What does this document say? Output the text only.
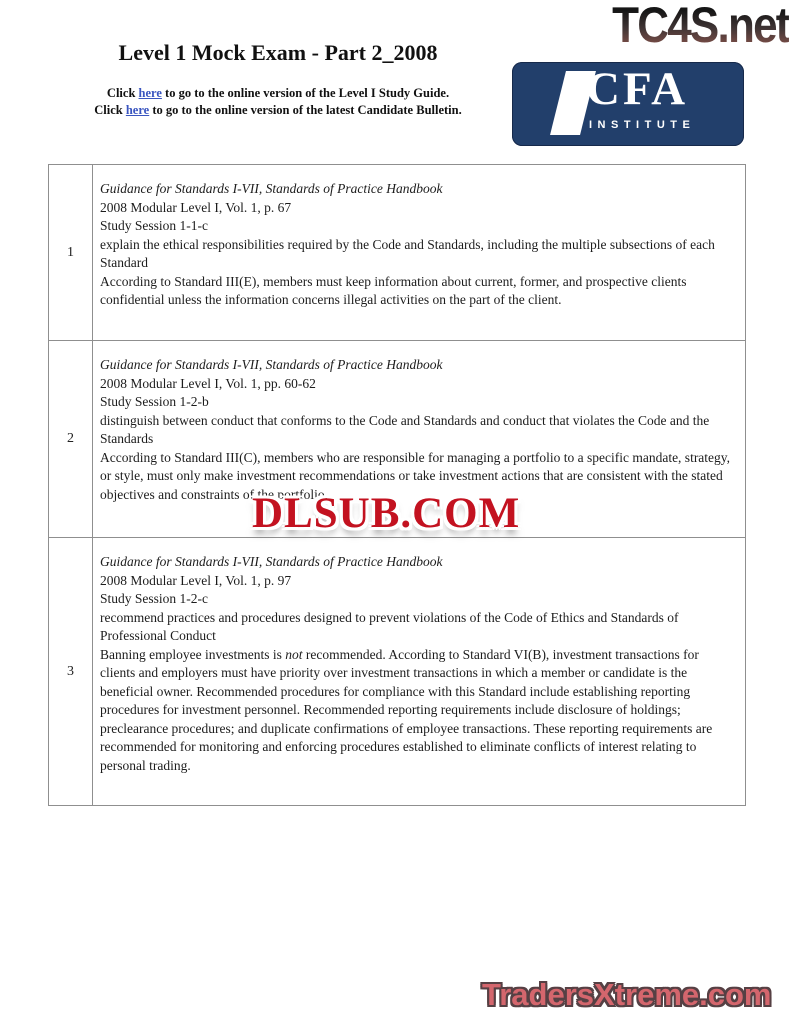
TC4S.net
Level 1 Mock Exam - Part 2_2008
Click here to go to the online version of the Level I Study Guide.
Click here to go to the online version of the latest Candidate Bulletin.	CFA
INSTITUTE
1
Guidance for Standards I-VII, Standards of Practice Handbook
2008 Modular Level I, Vol. 1, p. 67
Study Session 1-1-c
explain the ethical responsibilities required by the Code and Standards, including the multiple subsections of each Standard
According to Standard III(E), members must keep information about current, former, and prospective clients confidential unless the information concerns illegal activities on the part of the client.
2
Guidance for Standards I-VII, Standards of Practice Handbook
2008 Modular Level I, Vol. 1, pp. 60-62
Study Session 1-2-b
distinguish between conduct that conforms to the Code and Standards and conduct that violates the Code and the Standards
According to Standard III(C), members who are responsible for managing a portfolio to a specific mandate, strategy, or style, must only make investment recommendations or take investment actions that are consistent with the stated objectives and constraints of the portfolio.
3
Guidance for Standards I-VII, Standards of Practice Handbook
2008 Modular Level I, Vol. 1, p. 97
Study Session 1-2-c
recommend practices and procedures designed to prevent violations of the Code of Ethics and Standards of Professional Conduct
Banning employee investments is not recommended. According to Standard VI(B), investment transactions for clients and employers must have priority over investment transactions in which a member or candidate is the beneficial owner. Recommended procedures for compliance with this Standard include establishing reporting procedures for investment personnel. Recommended reporting requirements include disclosure of holdings; preclearance procedures; and duplicate confirmations of employee transactions. These reporting requirements are recommended for monitoring and enforcing procedures established to eliminate conflicts of interest relating to personal trading.
DLSUB.COM
TradersXtreme.com
